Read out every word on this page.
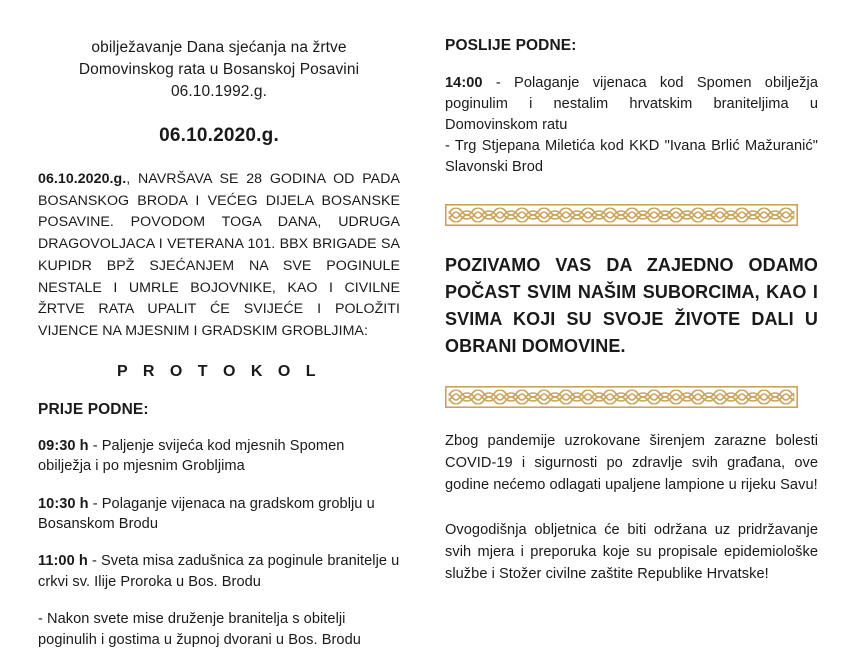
obilježavanje Dana sjećanja na žrtve
Domovinskog rata u Bosanskoj Posavini
06.10.1992.g.
06.10.2020.g.

06.10.2020.g., NAVRŠAVA SE 28 GODINA OD PADA BOSANSKOG BRODA I VEĆEG DIJELA BOSANSKE POSAVINE. POVODOM TOGA DANA, UDRUGA DRAGOVOLJACA I VETERANA 101. BBX BRIGADE SA KUPIDR BPŽ SJEĆANJEM NA SVE POGINULE NESTALE I UMRLE BOJOVNIKE, KAO I CIVILNE ŽRTVE RATA UPALIT ĆE SVIJEĆE I POLOŽITI VIJENCE NA MJESNIM I GRADSKIM GROBLJIMA:

P R O T O K O L
PRIJE PODNE:

09:30 h - Paljenje svijeća kod mjesnih Spomen obilježja i po mjesnim Grobljima

10:30 h - Polaganje vijenaca na gradskom groblju u Bosanskom Brodu

11:00 h - Sveta misa zadušnica za poginule branitelje u crkvi sv. Ilije Proroka u Bos. Brodu

- Nakon svete mise druženje branitelja s obitelji poginulih i gostima u župnoj dvorani u Bos. Brodu

POSLIJE PODNE:

14:00 - Polaganje vijenaca kod Spomen obilježja poginulim i nestalim hrvatskim braniteljima u Domovinskom ratu
- Trg Stjepana Miletića kod KKD "Ivana Brlić Mažuranić" Slavonski Brod

POZIVAMO VAS DA ZAJEDNO ODAMO POČAST SVIM NAŠIM SUBORCIMA, KAO I SVIMA KOJI SU SVOJE ŽIVOTE DALI U OBRANI DOMOVINE.

Zbog pandemije uzrokovane širenjem zarazne bolesti COVID-19 i sigurnosti po zdravlje svih građana, ove godine nećemo odlagati upaljene lampione u rijeku Savu!

Ovogodišnja obljetnica će biti održana uz pridržavanje svih mjera i preporuka koje su propisale epidemiološke službe i Stožer civilne zaštite Republike Hrvatske!
